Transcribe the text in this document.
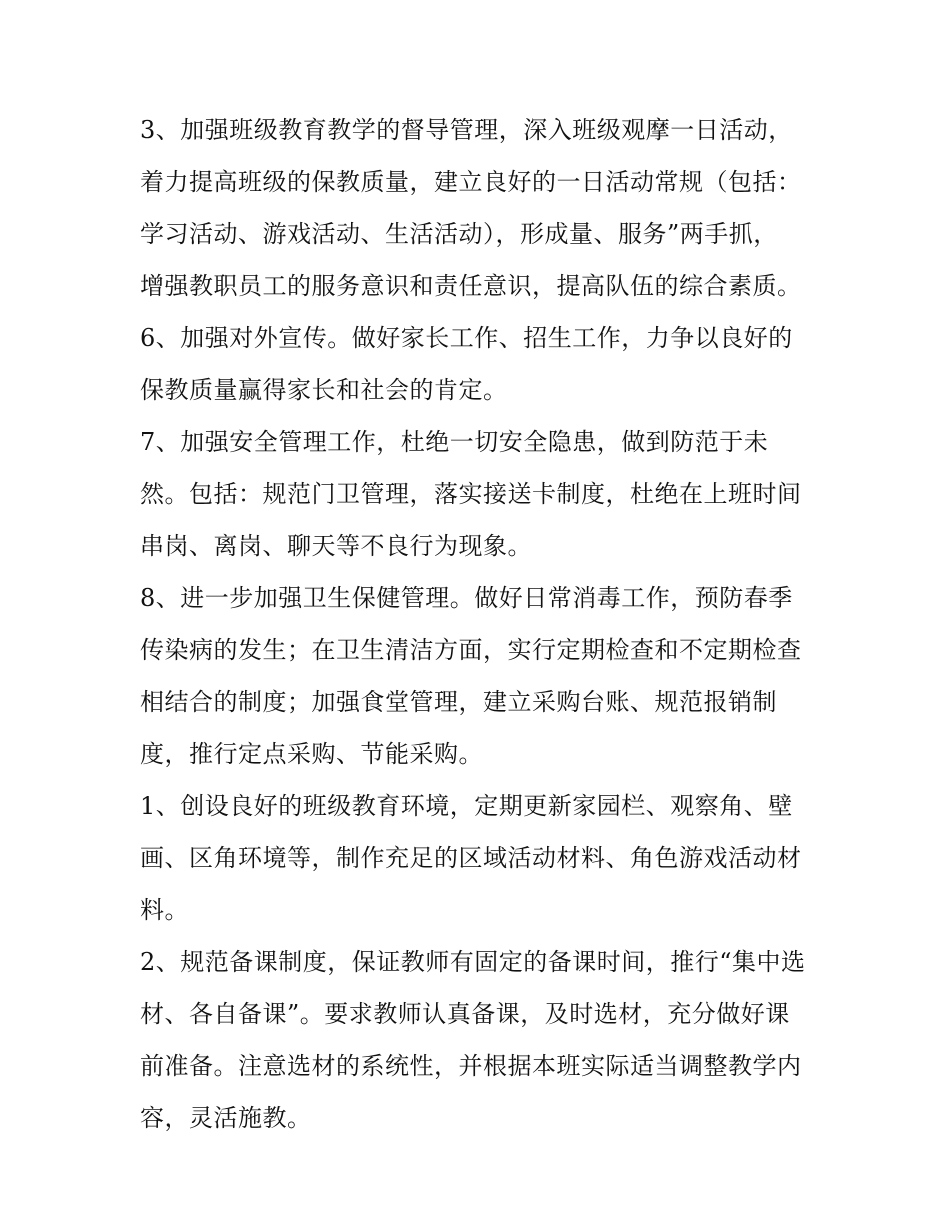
3、加强班级教育教学的督导管理，深入班级观摩一日活动，
着力提高班级的保教质量，建立良好的一日活动常规（包括：
学习活动、游戏活动、生活活动），形成量、服务”两手抓，
增强教职员工的服务意识和责任意识，提高队伍的综合素质。
6、加强对外宣传。做好家长工作、招生工作，力争以良好的
保教质量赢得家长和社会的肯定。
7、加强安全管理工作，杜绝一切安全隐患，做到防范于未
然。包括：规范门卫管理，落实接送卡制度，杜绝在上班时间
串岗、离岗、聊天等不良行为现象。
8、进一步加强卫生保健管理。做好日常消毒工作，预防春季
传染病的发生；在卫生清洁方面，实行定期检查和不定期检查
相结合的制度；加强食堂管理，建立采购台账、规范报销制
度，推行定点采购、节能采购。
1、创设良好的班级教育环境，定期更新家园栏、观察角、壁
画、区角环境等，制作充足的区域活动材料、角色游戏活动材
料。
2、规范备课制度，保证教师有固定的备课时间，推行“集中选
材、各自备课”。要求教师认真备课，及时选材，充分做好课
前准备。注意选材的系统性，并根据本班实际适当调整教学内
容，灵活施教。
